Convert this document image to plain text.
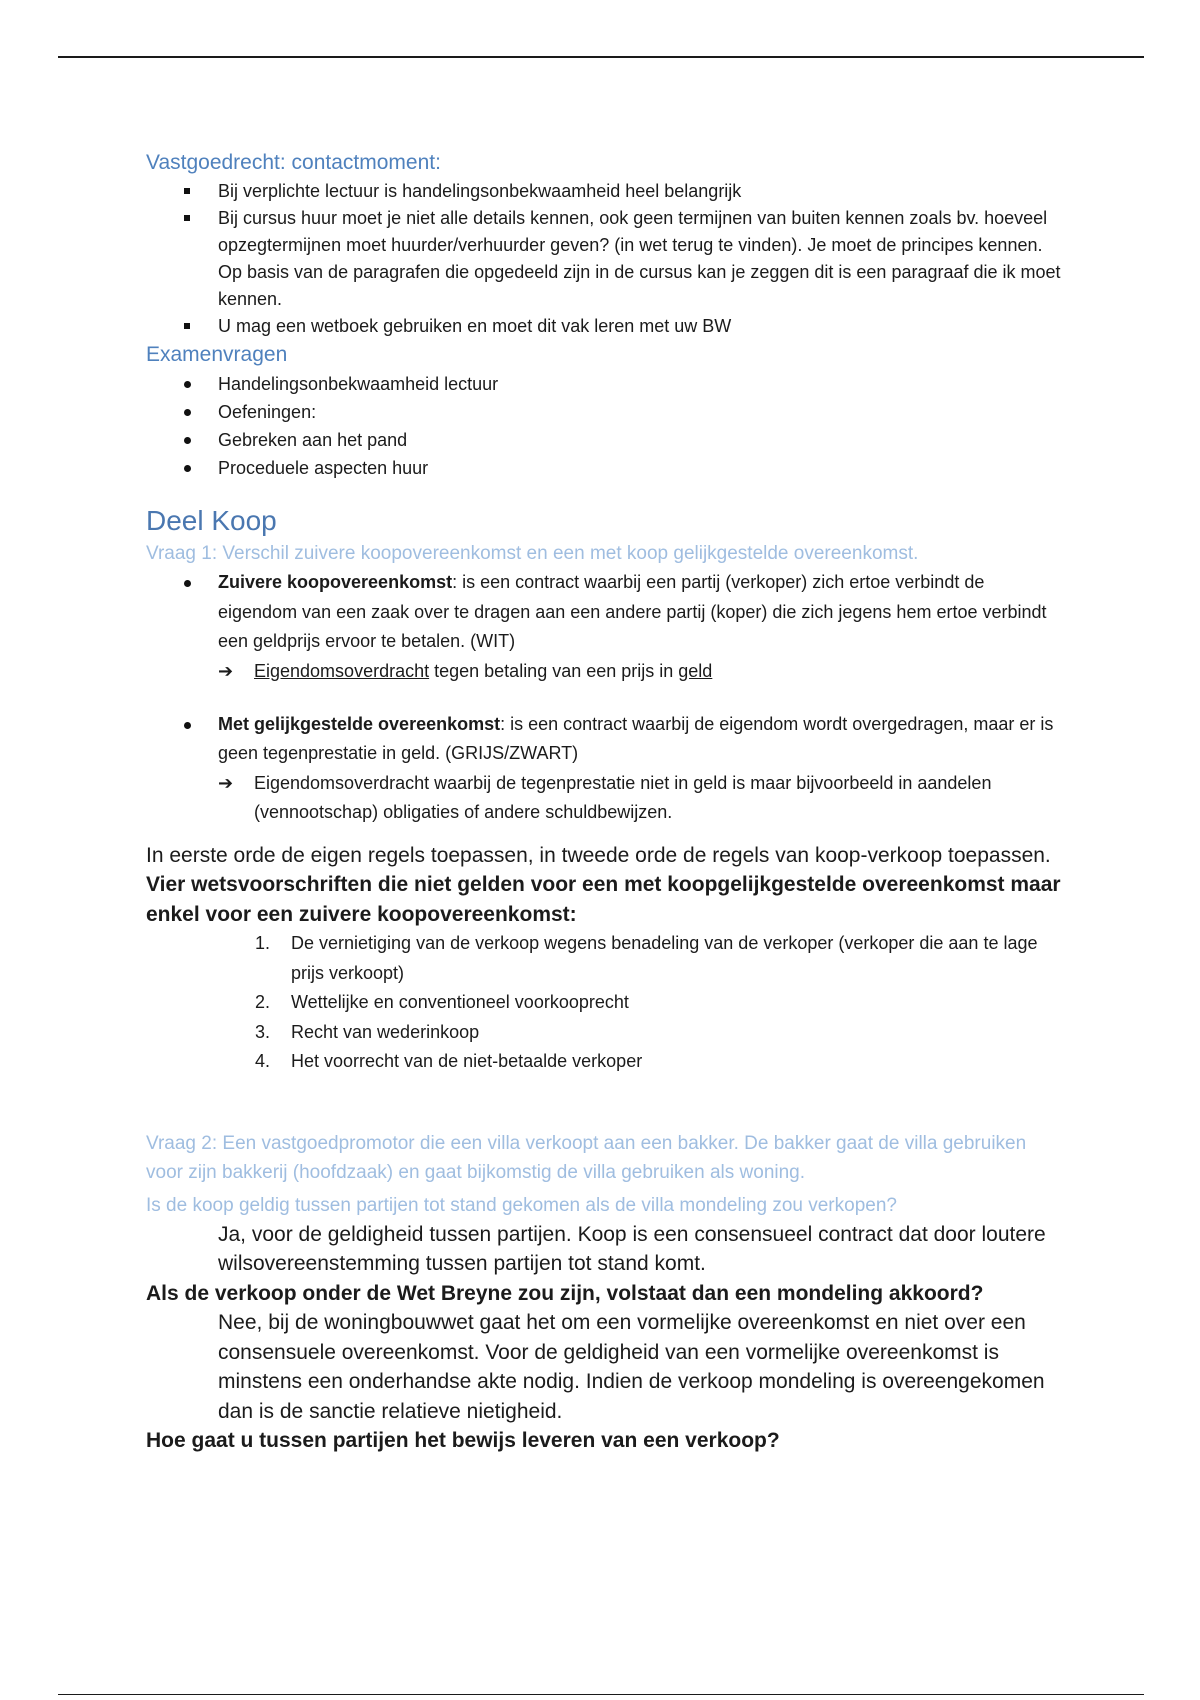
Vastgoedrecht: contactmoment:
Bij verplichte lectuur is handelingsonbekwaamheid heel belangrijk
Bij cursus huur moet je niet alle details kennen, ook geen termijnen van buiten kennen zoals bv. hoeveel opzegtermijnen moet huurder/verhuurder geven? (in wet terug te vinden). Je moet de principes kennen. Op basis van de paragrafen die opgedeeld zijn in de cursus kan je zeggen dit is een paragraaf die ik moet kennen.
U mag een wetboek gebruiken en moet dit vak leren met uw BW
Examenvragen
Handelingsonbekwaamheid lectuur
Oefeningen:
Gebreken aan het pand
Proceduele aspecten huur
Deel Koop
Vraag 1: Verschil zuivere koopovereenkomst en een met koop gelijkgestelde overeenkomst.
Zuivere koopovereenkomst: is een contract waarbij een partij (verkoper) zich ertoe verbindt de eigendom van een zaak over te dragen aan een andere partij (koper) die zich jegens hem ertoe verbindt een geldprijs ervoor te betalen. (WIT)
➔	Eigendomsoverdracht tegen betaling van een prijs in geld
Met gelijkgestelde overeenkomst: is een contract waarbij de eigendom wordt overgedragen, maar er is geen tegenprestatie in geld. (GRIJS/ZWART)
➔	Eigendomsoverdracht waarbij de tegenprestatie niet in geld is maar bijvoorbeeld in aandelen (vennootschap) obligaties of andere schuldbewijzen.

In eerste orde de eigen regels toepassen, in tweede orde de regels van koop-verkoop toepassen.

Vier wetsvoorschriften die niet gelden voor een met koopgelijkgestelde overeenkomst maar enkel voor een zuivere koopovereenkomst:

1. De vernietiging van de verkoop wegens benadeling van de verkoper (verkoper die aan te lage prijs verkoopt)
2. Wettelijke en conventioneel voorkooprecht
3. Recht van wederinkoop
4. Het voorrecht van de niet-betaalde verkoper
Vraag 2: Een vastgoedpromotor die een villa verkoopt aan een bakker. De bakker gaat de villa gebruiken voor zijn bakkerij (hoofdzaak) en gaat bijkomstig de villa gebruiken als woning.
Is de koop geldig tussen partijen tot stand gekomen als de villa mondeling zou verkopen?

Ja, voor de geldigheid tussen partijen. Koop is een consensueel contract dat door loutere wilsovereenstemming tussen partijen tot stand komt.

Als de verkoop onder de Wet Breyne zou zijn, volstaat dan een mondeling akkoord?

Nee, bij de woningbouwwet gaat het om een vormelijke overeenkomst en niet over een consensuele overeenkomst. Voor de geldigheid van een vormelijke overeenkomst is minstens een onderhandse akte nodig. Indien de verkoop mondeling is overeengekomen dan is de sanctie relatieve nietigheid.

Hoe gaat u tussen partijen het bewijs leveren van een verkoop?
